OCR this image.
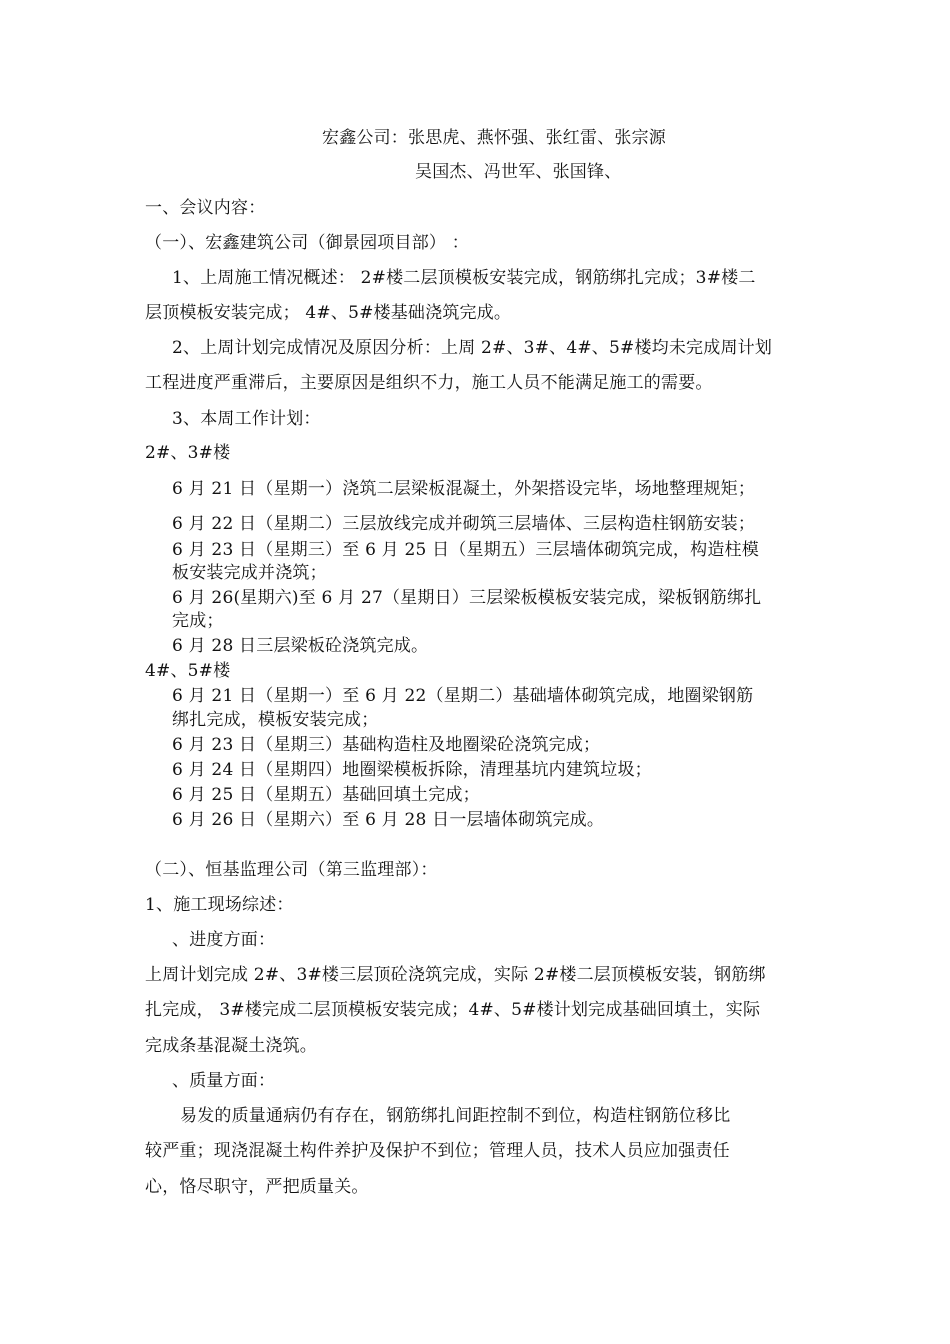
宏鑫公司：张思虎、燕怀强、张红雷、张宗源
吴国杰、冯世军、张国锋、
一、会议内容：
（一）、宏鑫建筑公司（御景园项目部） ：
1、上周施工情况概述： 2#楼二层顶模板安装完成，钢筋绑扎完成；3#楼二
层顶模板安装完成； 4#、5#楼基础浇筑完成。
2、上周计划完成情况及原因分析：上周 2#、3#、4#、5#楼均未完成周计划
工程进度严重滞后，主要原因是组织不力，施工人员不能满足施工的需要。
3、本周工作计划：
2#、3#楼
6 月 21 日（星期一）浇筑二层梁板混凝土，外架搭设完毕，场地整理规矩；
6 月 22 日（星期二）三层放线完成并砌筑三层墙体、三层构造柱钢筋安装；
6 月 23 日（星期三）至 6 月 25 日（星期五）三层墙体砌筑完成，构造柱模
板安装完成并浇筑；
6 月 26(星期六)至 6 月 27（星期日）三层梁板模板安装完成，梁板钢筋绑扎
完成；
6 月 28 日三层梁板砼浇筑完成。
4#、5#楼
6 月 21 日（星期一）至 6 月 22（星期二）基础墙体砌筑完成，地圈梁钢筋
绑扎完成，模板安装完成；
6 月 23 日（星期三）基础构造柱及地圈梁砼浇筑完成；
6 月 24 日（星期四）地圈梁模板拆除，清理基坑内建筑垃圾；
6 月 25 日（星期五）基础回填土完成；
6 月 26 日（星期六）至 6 月 28 日一层墙体砌筑完成。
（二）、恒基监理公司（第三监理部）：
1、施工现场综述：
、进度方面：
上周计划完成 2#、3#楼三层顶砼浇筑完成，实际 2#楼二层顶模板安装，钢筋绑
扎完成， 3#楼完成二层顶模板安装完成；4#、5#楼计划完成基础回填土，实际
完成条基混凝土浇筑。
、质量方面：
易发的质量通病仍有存在，钢筋绑扎间距控制不到位，构造柱钢筋位移比
较严重；现浇混凝土构件养护及保护不到位；管理人员，技术人员应加强责任
心，恪尽职守，严把质量关。
